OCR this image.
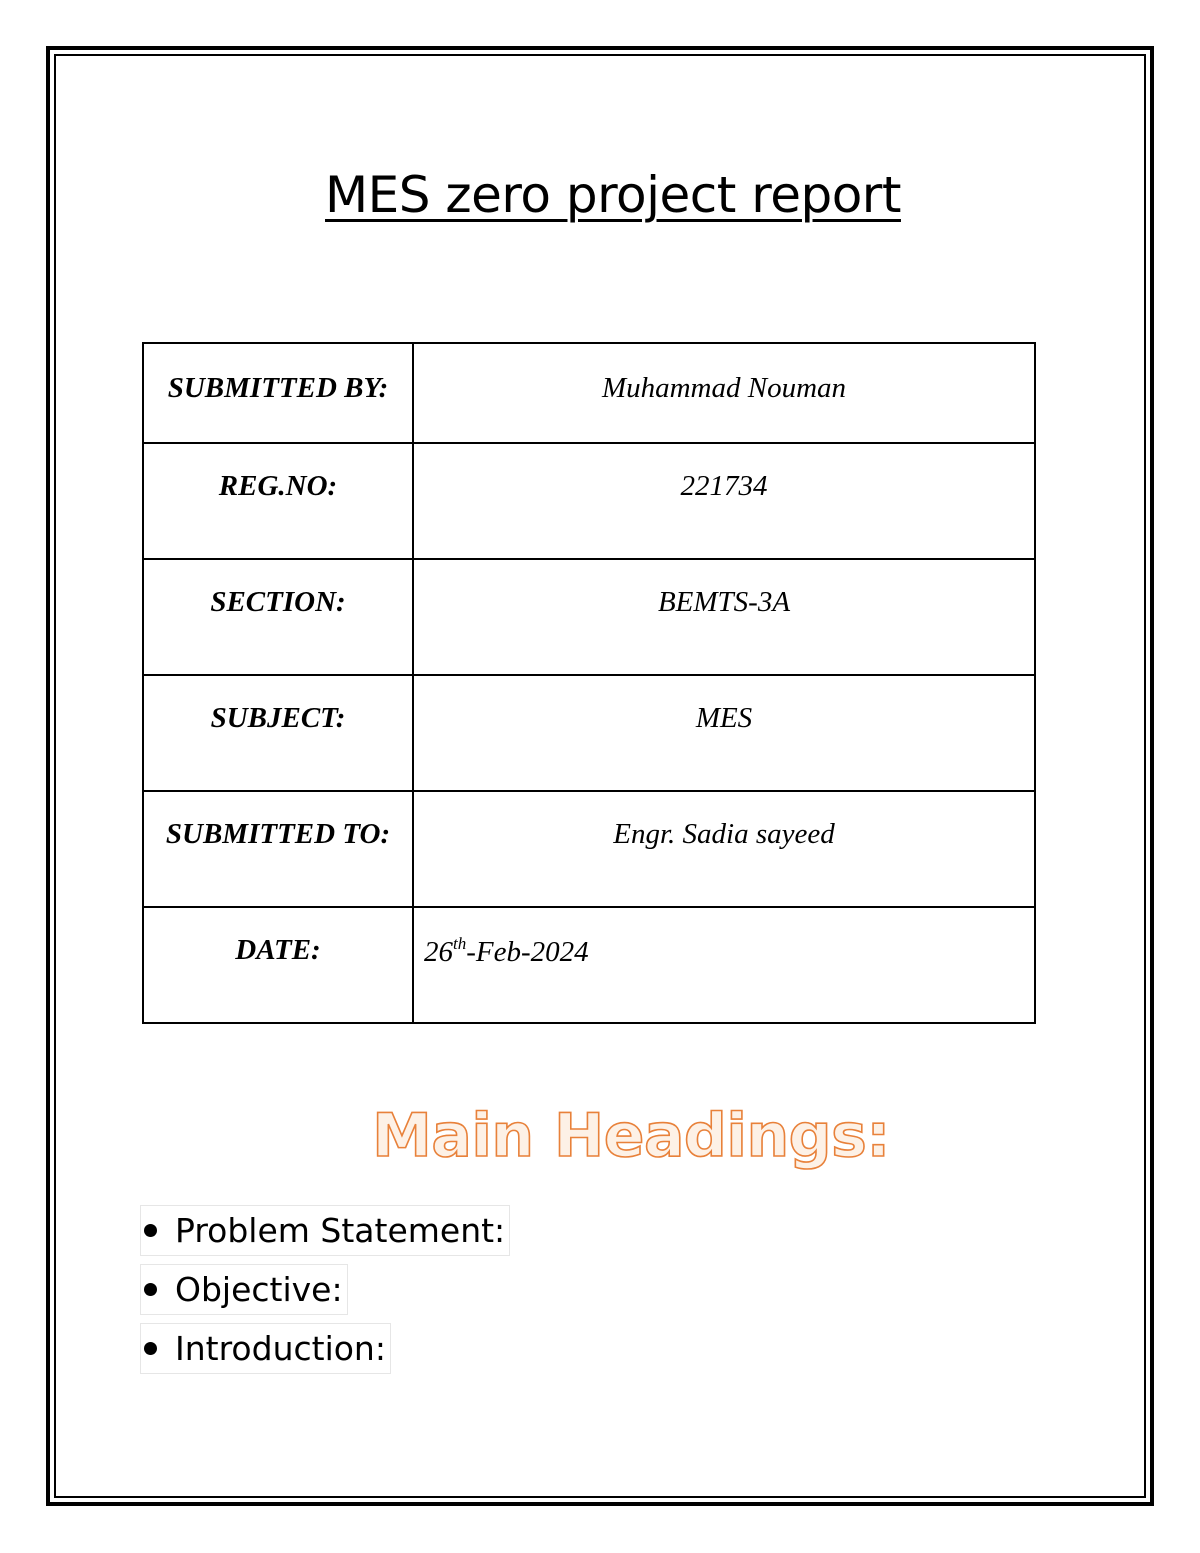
MES zero project report
SUBMITTED BY:	Muhammad Nouman
REG.NO:	221734
SECTION:	BEMTS-3A
SUBJECT:	MES
SUBMITTED TO:	Engr. Sadia sayeed
DATE:	26th-Feb-2024
Main Headings:
Problem Statement:
Objective:
Introduction:
